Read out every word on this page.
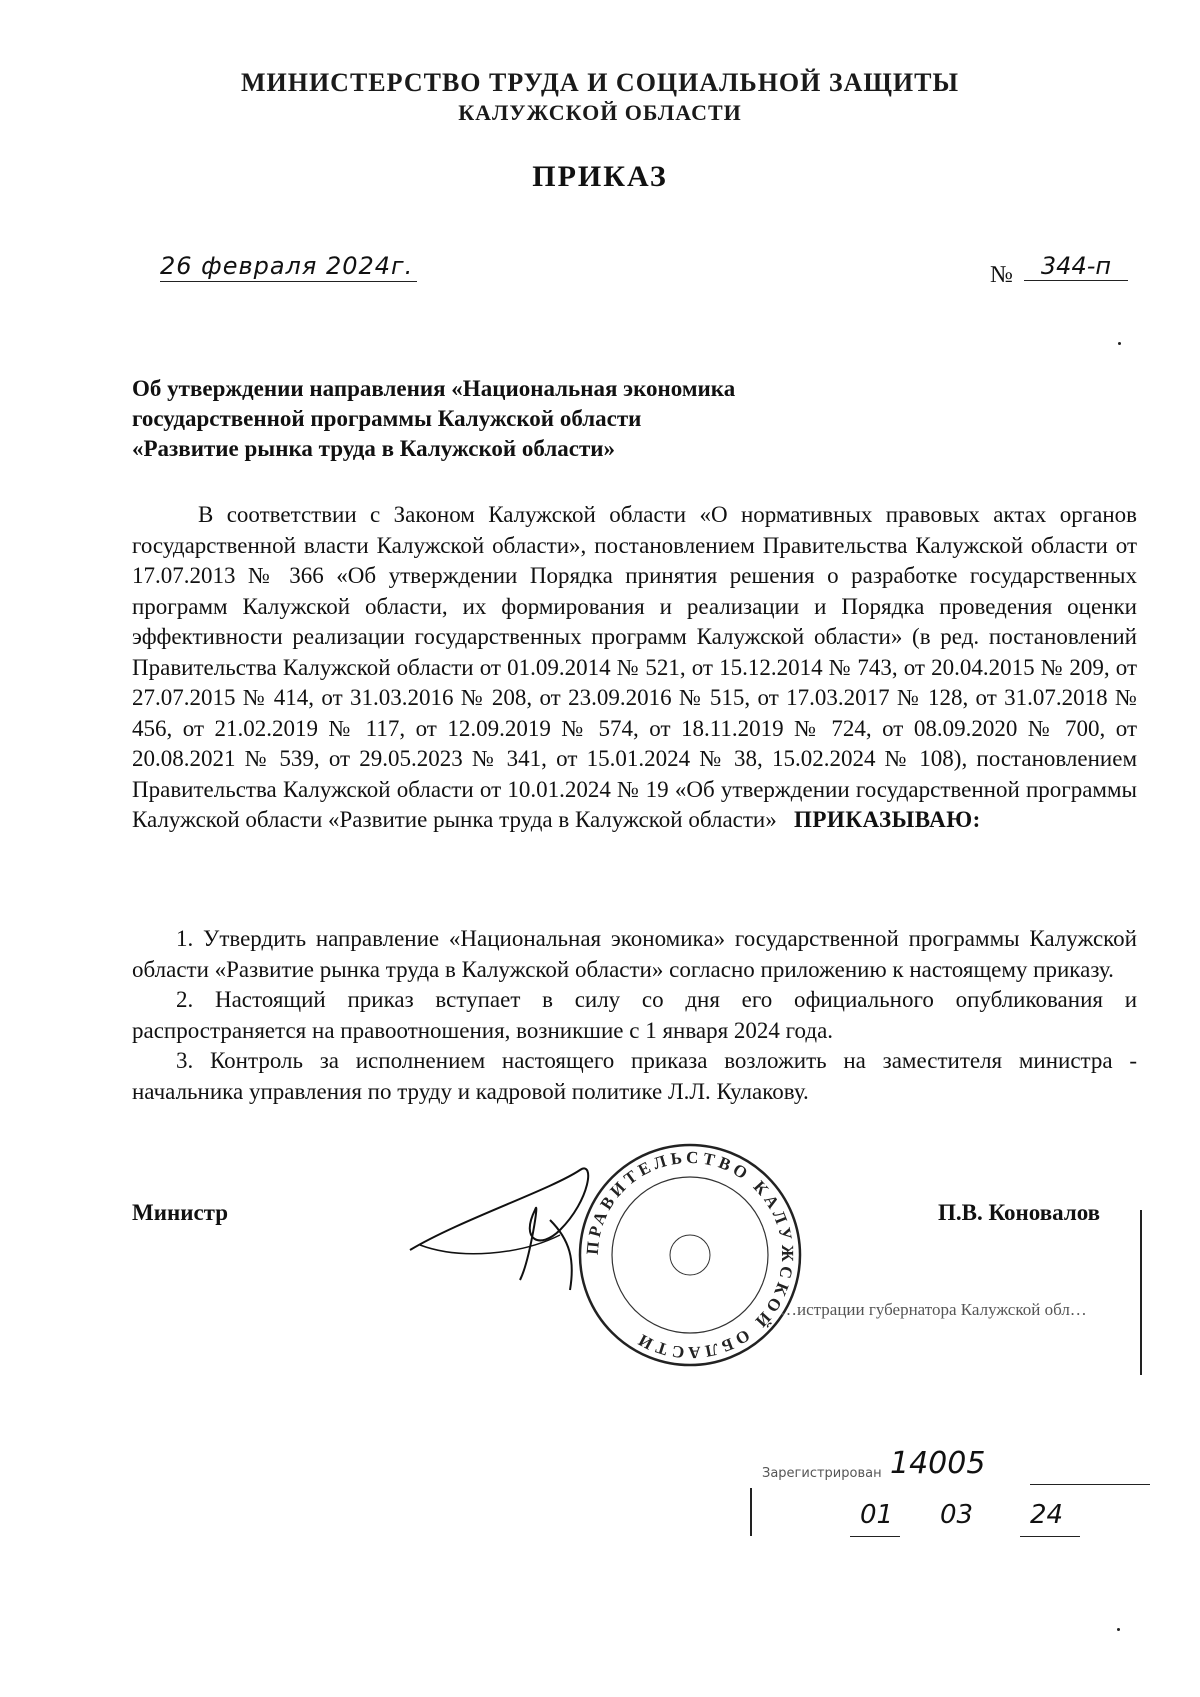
МИНИСТЕРСТВО ТРУДА И СОЦИАЛЬНОЙ ЗАЩИТЫ
КАЛУЖСКОЙ ОБЛАСТИ
ПРИКАЗ
26 февраля 2024г.	№	344-п
Об утверждении направления «Национальная экономика
государственной программы Калужской области
«Развитие рынка труда в Калужской области»

В соответствии с Законом Калужской области «О нормативных правовых актах органов государственной власти Калужской области», постановлением Правительства Калужской области от 17.07.2013 № 366 «Об утверждении Порядка принятия решения о разработке государственных программ Калужской области, их формирования и реализации и Порядка проведения оценки эффективности реализации государственных программ Калужской области» (в ред. постановлений Правительства Калужской области от 01.09.2014 № 521, от 15.12.2014 № 743, от 20.04.2015 № 209, от 27.07.2015 № 414, от 31.03.2016 № 208, от 23.09.2016 № 515, от 17.03.2017 № 128, от 31.07.2018 № 456, от 21.02.2019 № 117, от 12.09.2019 № 574, от 18.11.2019 № 724, от 08.09.2020 № 700, от 20.08.2021 № 539, от 29.05.2023 № 341, от 15.01.2024 № 38, 15.02.2024 № 108), постановлением Правительства Калужской области от 10.01.2024 № 19 «Об утверждении государственной программы Калужской области «Развитие рынка труда в Калужской области» ПРИКАЗЫВАЮ:

1. Утвердить направление «Национальная экономика» государственной программы Калужской области «Развитие рынка труда в Калужской области» согласно приложению к настоящему приказу.

2. Настоящий приказ вступает в силу со дня его официального опубликования и распространяется на правоотношения, возникшие с 1 января 2024 года.

3. Контроль за исполнением настоящего приказа возложить на заместителя министра - начальника управления по труду и кадровой политике Л.Л. Кулакову.

ПРАВИТЕЛЬСТВО КАЛУЖСКОЙ ОБЛАСТИ
Министр	П.В. Коновалов
…истрации губернатора Калужской обл…
Зарегистрирован 14005
01 03 24
